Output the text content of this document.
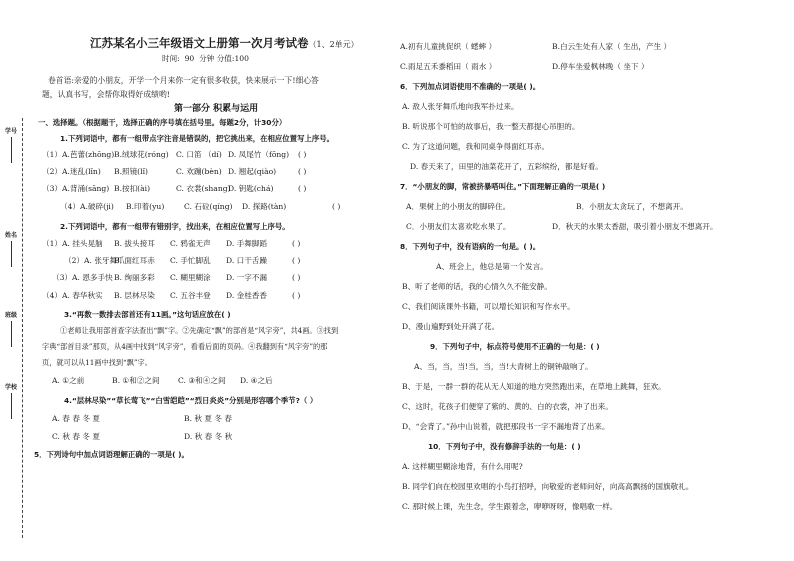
学号
姓名
班级
学校
江苏某名小三年级语文上册第一次月考试卷（1、2单元）
时间: 90 分钟 分值:100
卷首语:亲爱的小朋友，开学一个月来你一定有很多收获，快来展示一下!细心答
题，认真书写，会帮你取得好成绩哟!
第一部分 积累与运用
一、选择题。（根据题干，选择正确的序号填在括号里。每题2分，计30分）
1.下列词语中，都有一组带点字注音是错误的，把它挑出来，在相应位置写上序号。
（1）A.芭蕾(zhōng)B.绒球花(róng) C. 口笛 （dí) D. 凤尾竹（fōng) ( )
（2）A.迷乱(lǐn) B.照镜(lǐ)	C. 欢蹦(bèn) D. 翘起(qiào)	( )
（3）A.背涌(sāng) B.按扣(ài)	C. 衣裳(shang)D. 钥匙(chá)	( )
（4）A.破碎(ji) B.印着(yu)	C. 石砬(qíng) D. 探路(tàn)	( )
2.下列词语中，都有一组带有错别字，找出来，在相应位置写上序号。
（1）A. 挂头晃脑 B. 拔头接耳 C. 鸦雀无声 D. 手舞脚蹈	( )
（2）A. 张牙舞爪B. 面红耳赤 C. 手忙脚乱 D. 口干舌躁	( )
（3）A. 恩多手快B. 绚丽多彩 C. 糊里糊涂 D. 一字不漏	( )
（4）A. 春华秋实 B. 层林尽染 C. 五谷丰登 D. 金桂香香	( )
3.“再数一数排去部首还有11画。”这句话应放在( )
①老师让我用部首查字法查出“飘”字。②先确定“飘”的部首是“风字旁”，共4画。③找到
字典“部首目录”那页，从4画中找到“风字旁”，看看后面的页码。④我翻到有“风字旁”的那
页，就可以从11画中找到“飘”字。
A. ①之前	B. ①和②之间 C. ③和④之间 D. ④之后
4.“层林尽染”“草长莺飞”“白雪皑皑”“烈日炎炎”分别是形容哪个季节?（ ）
A. 春 春 冬 夏	B. 秋 夏 冬 春
C. 秋 春 冬 夏	D. 秋 春 冬 秋
5．下列诗句中加点词语理解正确的一项是( )。
A.初有儿童挑促织（ 蟋蟀 ）	B.白云生处有人家（ 生出，产生 ）
C.雨足五禾黍稻田（ 雨水 ）	D.停车坐爱枫林晚（ 坐下 ）
6．下列加点词语使用不准确的一项是( )。
A. 敌人张牙舞爪地向我军扑过来。
B. 听说那个可怕的故事后，我一整天都提心吊胆的。
C. 为了这道问题，我和同桌争得面红耳赤。
D. 春天来了，田里的油菜花开了，五彩缤纷，都是好看。
7．“小朋友的脚，常被挤暴嗒叫住。”下面理解正确的一项是( )
A．果树上的小朋友的脚碎住。	B．小朋友太贪玩了，不想离开。
C．小朋友们太喜欢吃水果了。	D．秋天的水果太香甜，吸引着小朋友不想离开。
8．下列句子中，没有语病的一句是。( )。
A、班会上，他总是第一个发言。
B、听了老师的话，我的心情久久不能安静。
C、我们阅读课外书籍，可以增长知识和写作水平。
D、漫山遍野到处开满了花。
9．下列句子中，标点符号使用不正确的一句是：( )
A、当，当，当!当，当，当!大青树上的铜钟敲响了。
B、于是，一群一群的花从无人知道的地方突然跑出来，在草地上跳舞，狂欢。
C、这时，花孩子们便穿了紫的、黄的、白的衣裳，冲了出来。
D、“会背了。”孙中山说着，就把那段书一字不漏地背了出来。
10．下列句子中，没有修辞手法的一句是：( )
A. 这样糊里糊涂地背，有什么用呢?
B. 同学们向在校园里欢唱的小鸟打招呼，向敬爱的老师问好，向高高飘扬的国旗敬礼。
C. 那时候上课，先生念，学生跟着念，咿咿呀呀，像唱歌一样。
